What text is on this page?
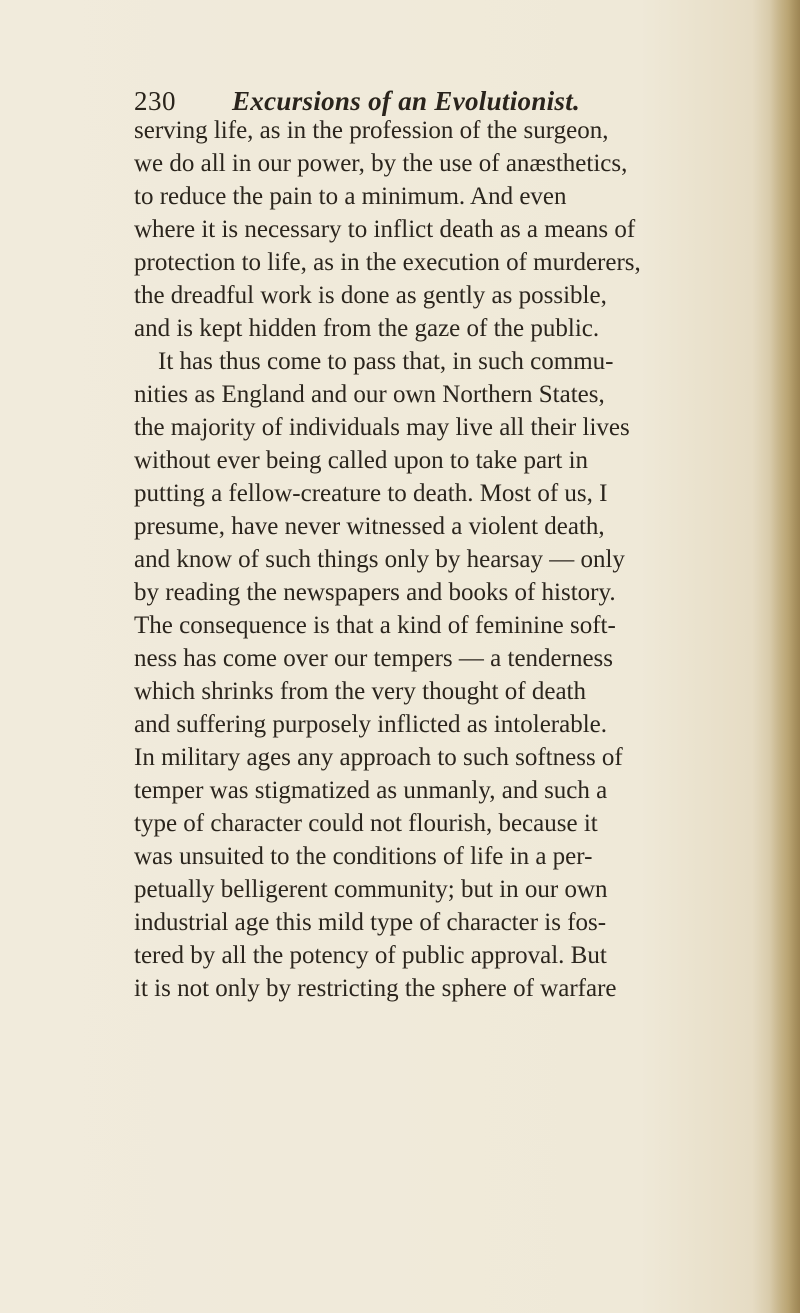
230 Excursions of an Evolutionist.
serving life, as in the profession of the surgeon,
we do all in our power, by the use of anæsthetics,
to reduce the pain to a minimum. And even
where it is necessary to inflict death as a means of
protection to life, as in the execution of murderers,
the dreadful work is done as gently as possible,
and is kept hidden from the gaze of the public.
It has thus come to pass that, in such commu-
nities as England and our own Northern States,
the majority of individuals may live all their lives
without ever being called upon to take part in
putting a fellow-creature to death. Most of us, I
presume, have never witnessed a violent death,
and know of such things only by hearsay — only
by reading the newspapers and books of history.
The consequence is that a kind of feminine soft-
ness has come over our tempers — a tenderness
which shrinks from the very thought of death
and suffering purposely inflicted as intolerable.
In military ages any approach to such softness of
temper was stigmatized as unmanly, and such a
type of character could not flourish, because it
was unsuited to the conditions of life in a per-
petually belligerent community; but in our own
industrial age this mild type of character is fos-
tered by all the potency of public approval. But
it is not only by restricting the sphere of warfare
